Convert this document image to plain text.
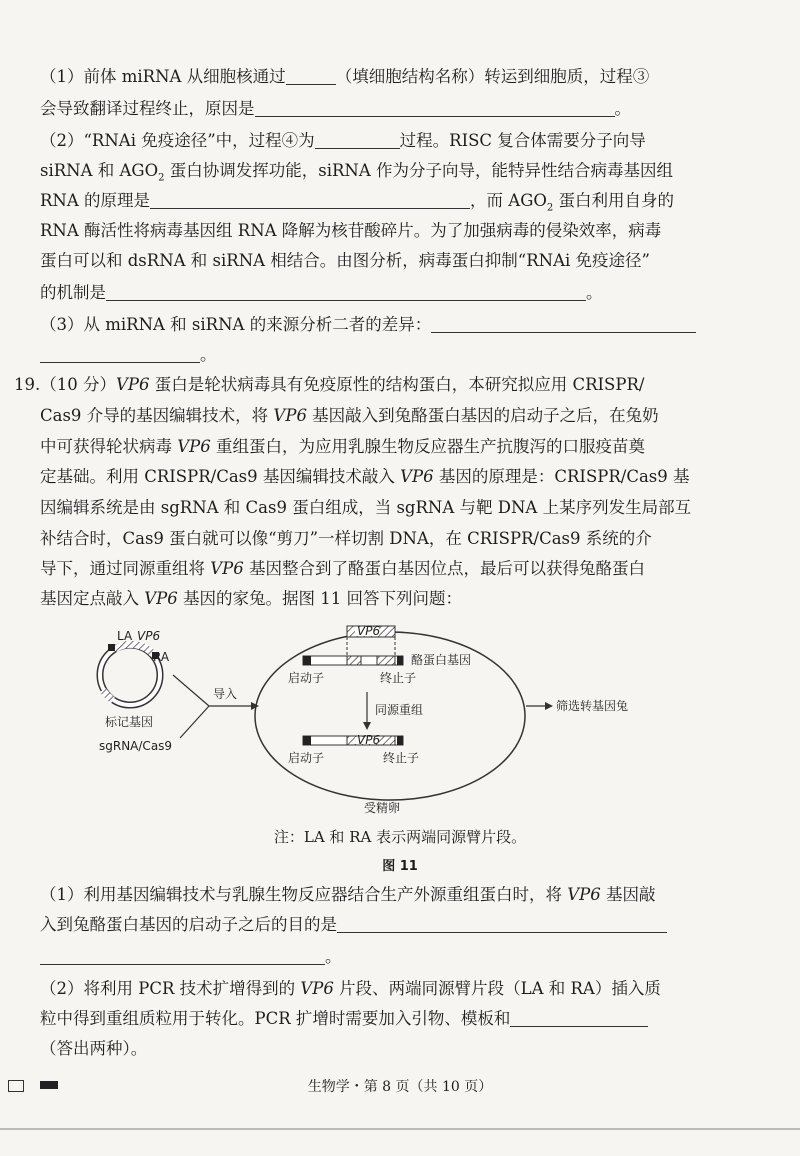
（1）前体 miRNA 从细胞核通过	（填细胞结构名称）转运到细胞质，过程③
会导致翻译过程终止，原因是	。
（2）“RNAi 免疫途径”中，过程④为	过程。RISC 复合体需要分子向导
siRNA 和 $AGO_2$ 蛋白协调发挥功能，siRNA 作为分子向导，能特异性结合病毒基因组
RNA 的原理是	，而 $AGO_2$ 蛋白利用自身的
RNA 酶活性将病毒基因组 RNA 降解为核苷酸碎片。为了加强病毒的侵染效率，病毒
蛋白可以和 dsRNA 和 siRNA 相结合。由图分析，病毒蛋白抑制“RNAi 免疫途径”
的机制是	。
（3）从 miRNA 和 siRNA 的来源分析二者的差异：
。
19.（10 分）VP6 蛋白是轮状病毒具有免疫原性的结构蛋白，本研究拟应用 CRISPR/
Cas9 介导的基因编辑技术，将 VP6 基因敲入到兔酪蛋白基因的启动子之后，在兔奶
中可获得轮状病毒 VP6 重组蛋白，为应用乳腺生物反应器生产抗腹泻的口服疫苗奠
定基础。利用 CRISPR/Cas9 基因编辑技术敲入 VP6 基因的原理是：CRISPR/Cas9 基
因编辑系统是由 sgRNA 和 Cas9 蛋白组成，当 sgRNA 与靶 DNA 上某序列发生局部互
补结合时，Cas9 蛋白就可以像“剪刀”一样切割 DNA，在 CRISPR/Cas9 系统的介
导下，通过同源重组将 VP6 基因整合到了酪蛋白基因位点，最后可以获得兔酪蛋白
基因定点敲入 VP6 基因的家兔。据图 11 回答下列问题：
LA VP6
RA
标记基因
sgRNA/Cas9
导入
受精卵
VP6
酪蛋白基因
启动子	终止子
同源重组
VP6
启动子	终止子
筛选转基因兔
注：LA 和 RA 表示两端同源臂片段。
图 11
（1）利用基因编辑技术与乳腺生物反应器结合生产外源重组蛋白时，将 VP6 基因敲
入到兔酪蛋白基因的启动子之后的目的是
。
（2）将利用 PCR 技术扩增得到的 VP6 片段、两端同源臂片段（LA 和 RA）插入质
粒中得到重组质粒用于转化。PCR 扩增时需要加入引物、模板和
（答出两种）。
生物学・第 8 页（共 10 页）
